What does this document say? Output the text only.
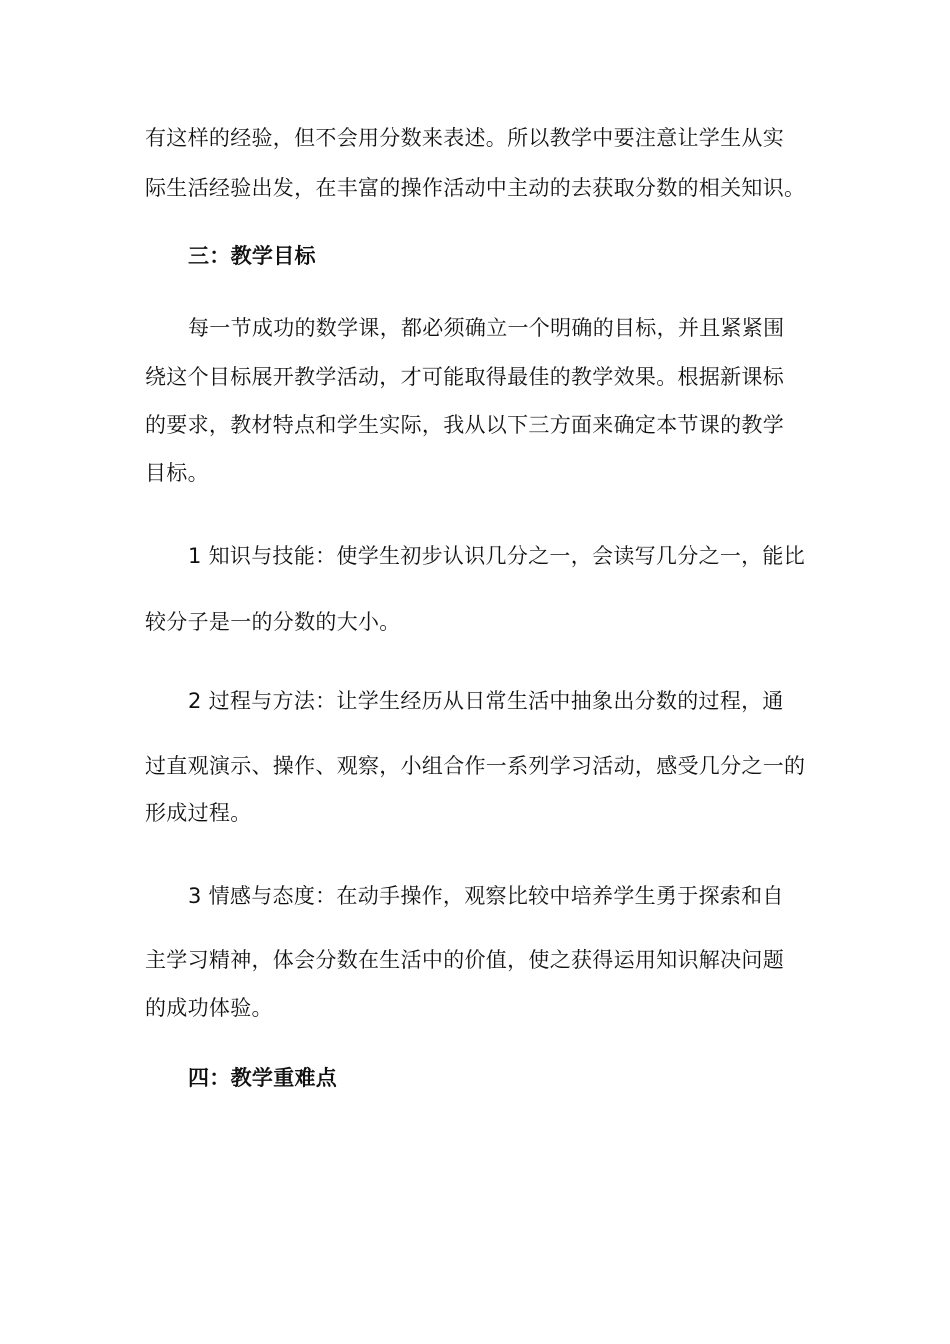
有这样的经验，但不会用分数来表述。所以教学中要注意让学生从实
际生活经验出发，在丰富的操作活动中主动的去获取分数的相关知识。
三：教学目标
每一节成功的数学课，都必须确立一个明确的目标，并且紧紧围
绕这个目标展开教学活动，才可能取得最佳的教学效果。根据新课标
的要求，教材特点和学生实际，我从以下三方面来确定本节课的教学
目标。
1 知识与技能：使学生初步认识几分之一，会读写几分之一，能比
较分子是一的分数的大小。
2 过程与方法：让学生经历从日常生活中抽象出分数的过程，通
过直观演示、操作、观察，小组合作一系列学习活动，感受几分之一的
形成过程。
3 情感与态度：在动手操作，观察比较中培养学生勇于探索和自
主学习精神，体会分数在生活中的价值，使之获得运用知识解决问题
的成功体验。
四：教学重难点
